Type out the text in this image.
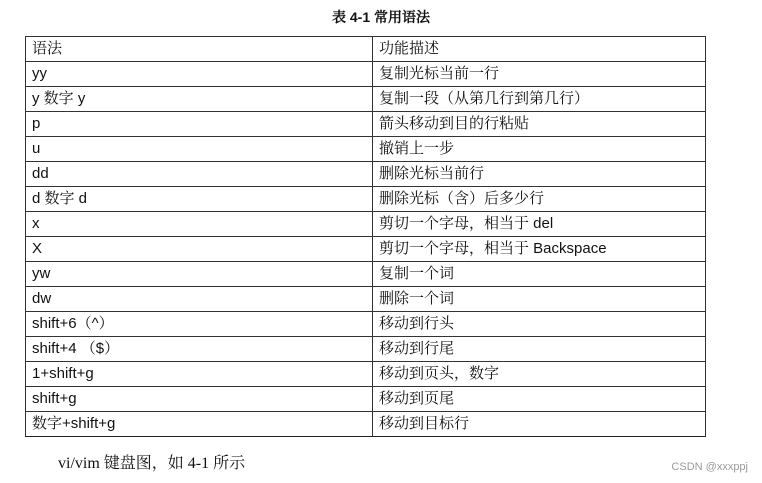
表 4-1 常用语法
语法	功能描述
yy	复制光标当前一行
y 数字 y	复制一段（从第几行到第几行）
p	箭头移动到目的行粘贴
u	撤销上一步
dd	删除光标当前行
d 数字 d	删除光标（含）后多少行
x	剪切一个字母，相当于 del
X	剪切一个字母，相当于 Backspace
yw	复制一个词
dw	删除一个词
shift+6（^）	移动到行头
shift+4 （$）	移动到行尾
1+shift+g	移动到页头，数字
shift+g	移动到页尾
数字+shift+g	移动到目标行
vi/vim 键盘图，如 4-1 所示	CSDN @xxxppj
